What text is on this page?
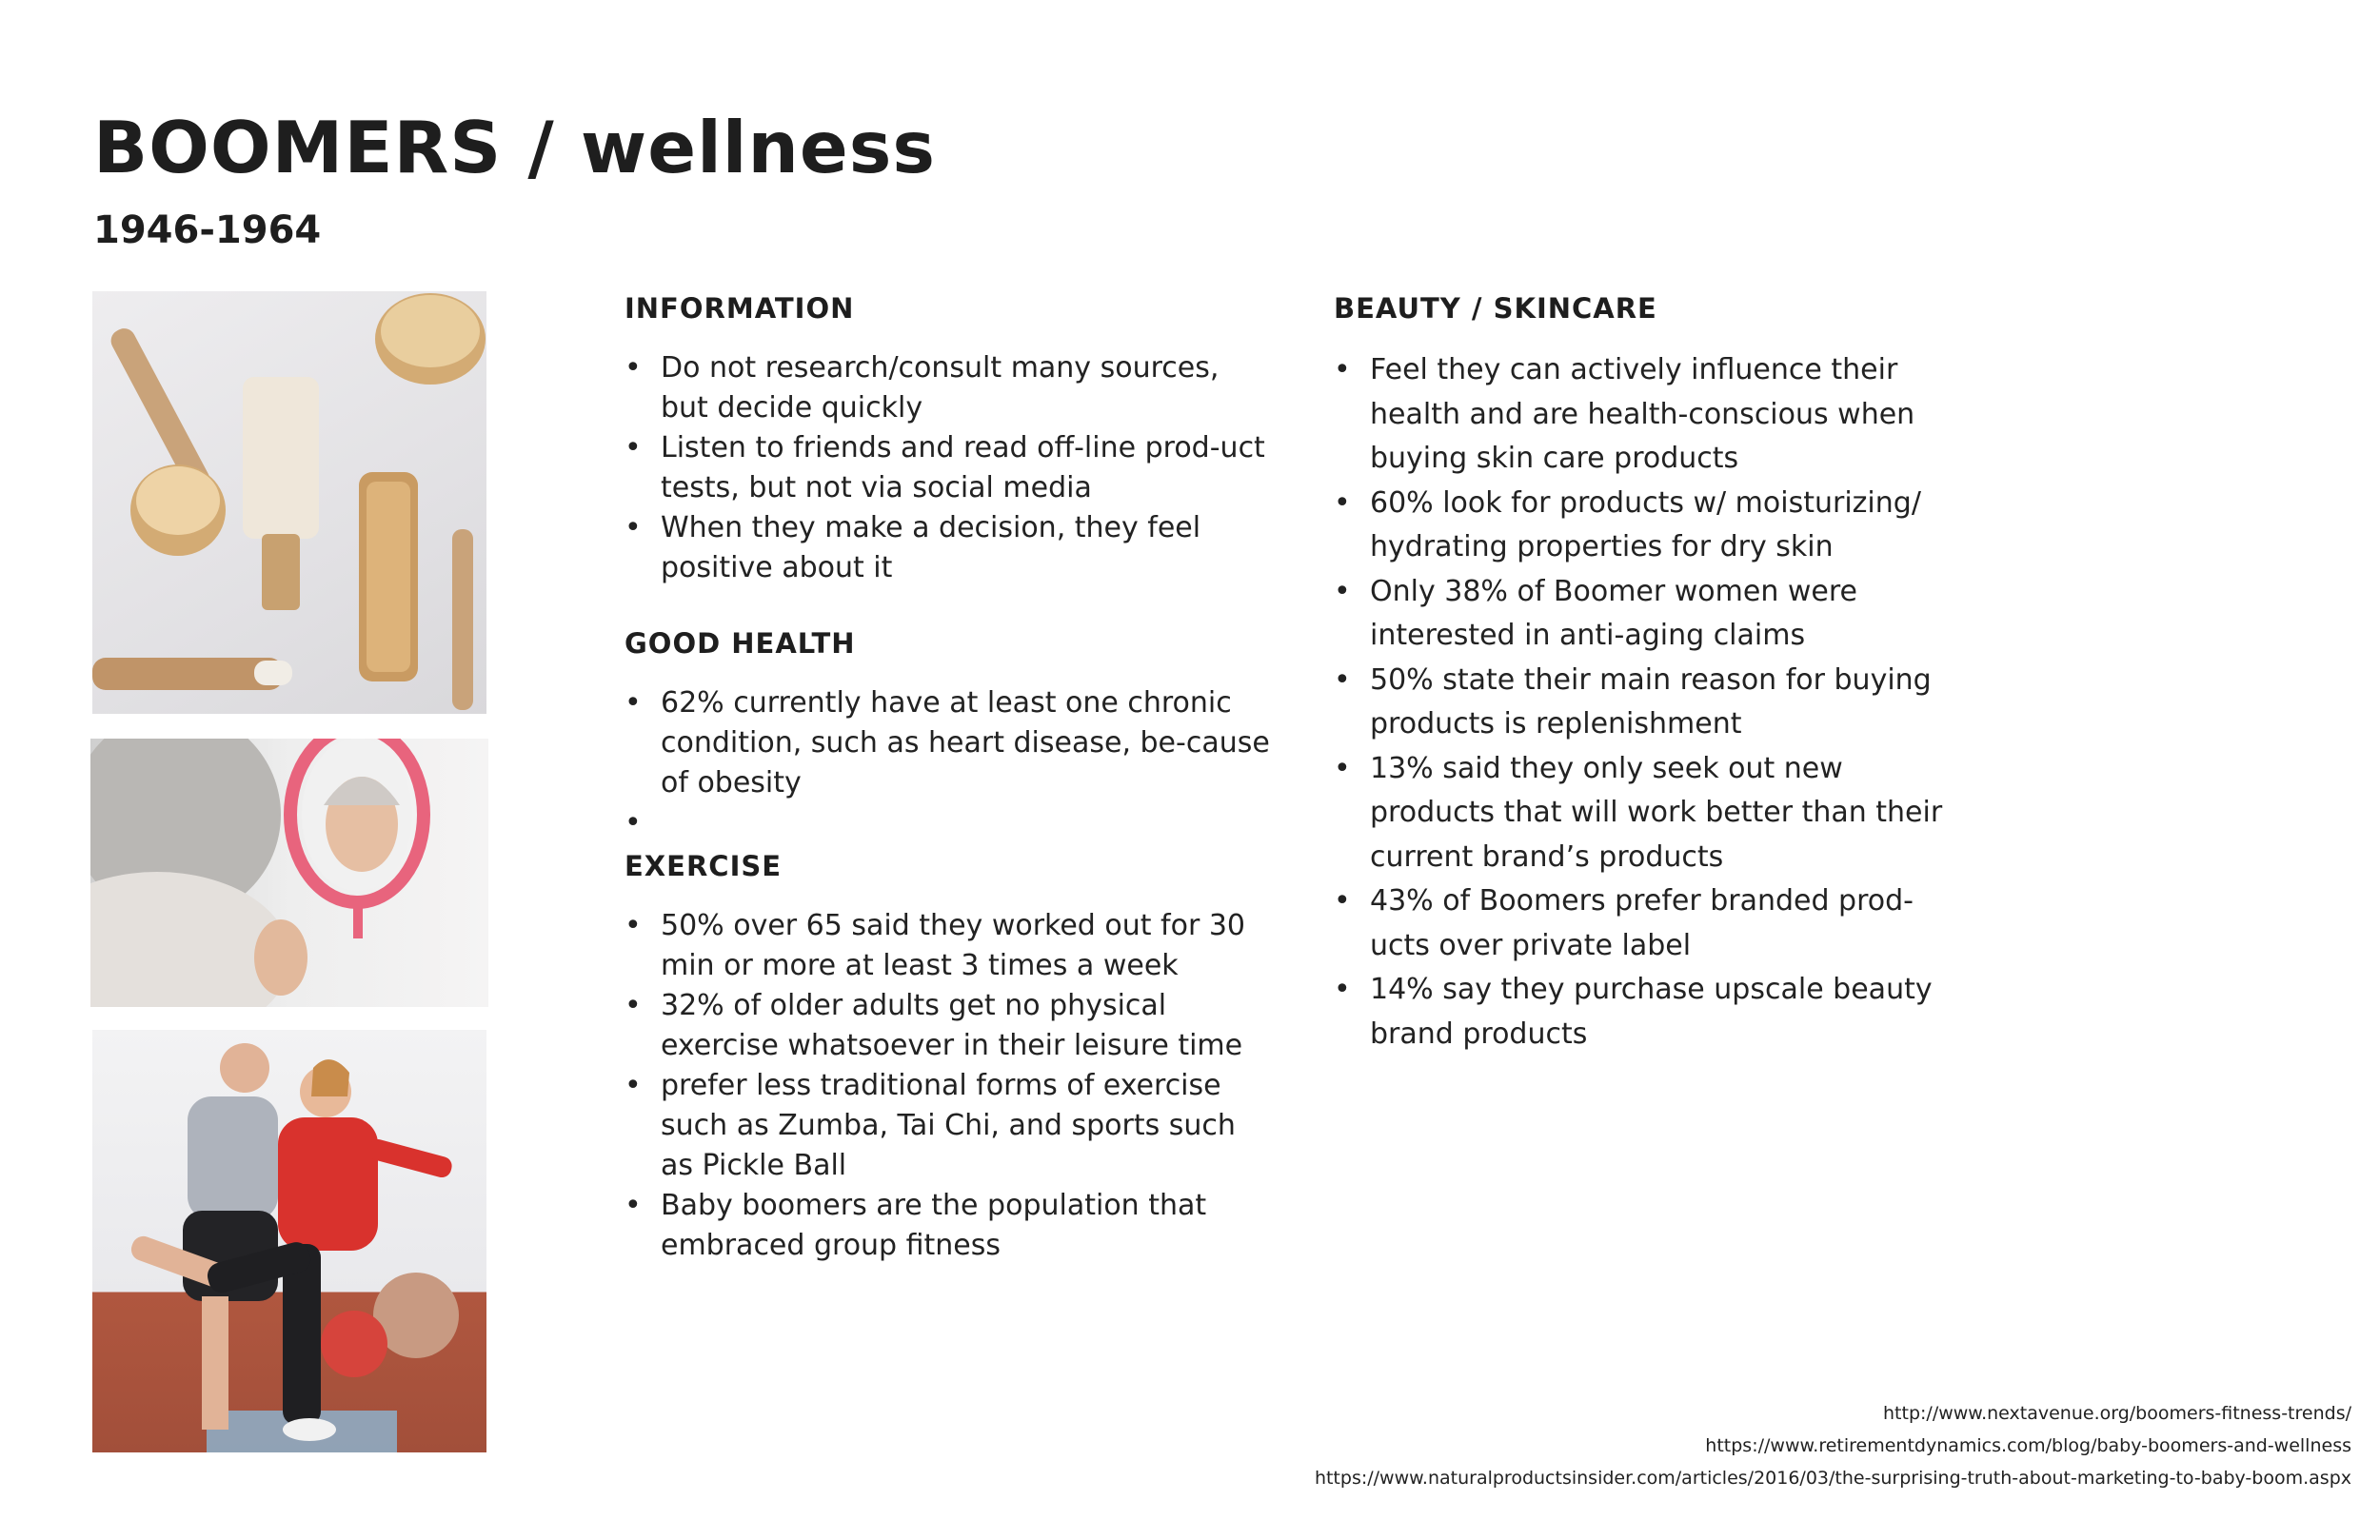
BOOMERS / wellness
1946-1964
INFORMATION
• Do not research/consult many sources, but decide quickly
• Listen to friends and read off-line prod-uct tests, but not via social media
• When they make a decision, they feel positive about it
GOOD HEALTH
• 62% currently have at least one chronic condition, such as heart disease, be-cause of obesity
•
EXERCISE
• 50% over 65 said they worked out for 30 min or more at least 3 times a week
• 32% of older adults get no physical exercise whatsoever in their leisure time
• prefer less traditional forms of exercise such as Zumba, Tai Chi, and sports such as Pickle Ball
• Baby boomers are the population that embraced group fitness
BEAUTY / SKINCARE
• Feel they can actively influence their health and are health-conscious when buying skin care products
• 60% look for products w/ moisturizing/ hydrating properties for dry skin
• Only 38% of Boomer women were interested in anti-aging claims
• 50% state their main reason for buying products is replenishment
• 13% said they only seek out new products that will work better than their current brand’s products
• 43% of Boomers prefer branded prod-ucts over private label
• 14% say they purchase upscale beauty brand products
http://www.nextavenue.org/boomers-fitness-trends/
https://www.retirementdynamics.com/blog/baby-boomers-and-wellness
https://www.naturalproductsinsider.com/articles/2016/03/the-surprising-truth-about-marketing-to-baby-boom.aspx
